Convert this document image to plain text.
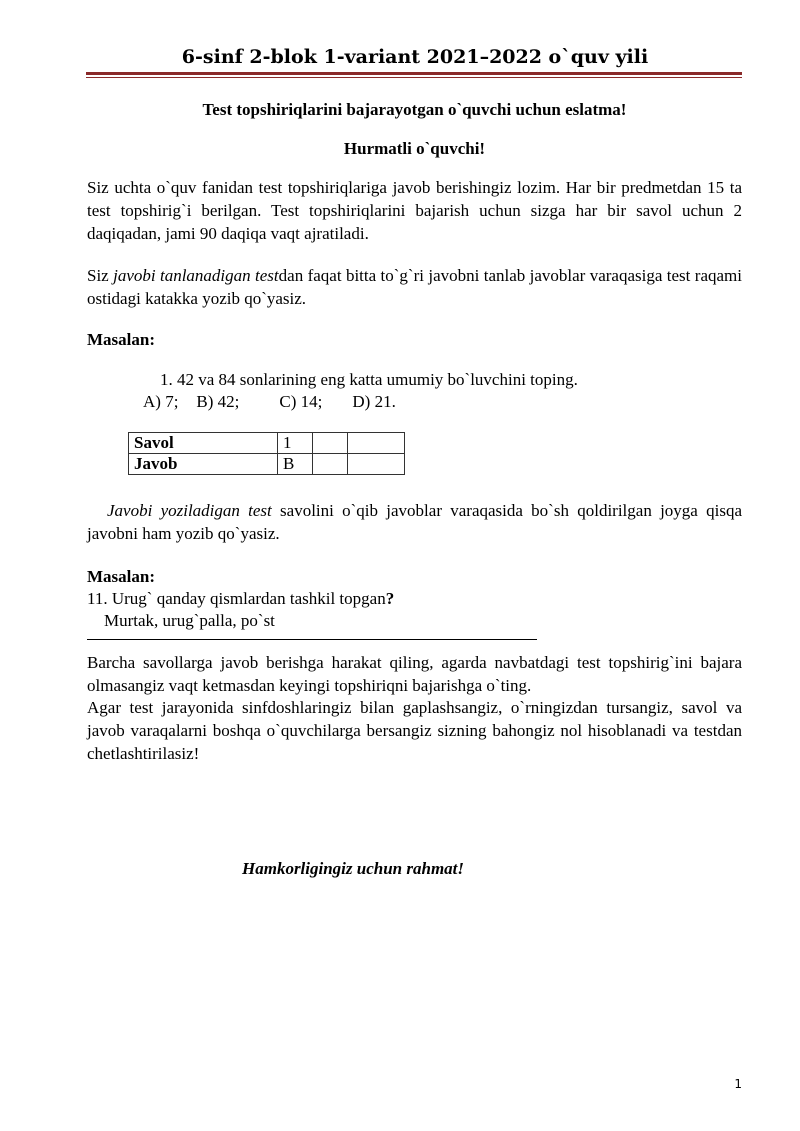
6-sinf 2-blok 1-variant 2021–2022 o`quv yili
Test topshiriqlarini bajarayotgan o`quvchi uchun eslatma!
Hurmatli o`quvchi!
Siz uchta o`quv fanidan test topshiriqlariga javob berishingiz lozim. Har bir predmetdan 15 ta test topshirig`i berilgan. Test topshiriqlarini bajarish uchun sizga har bir savol uchun 2 daqiqadan, jami 90 daqiqa vaqt ajratiladi.
Siz javobi tanlanadigan testdan faqat bitta to`g`ri javobni tanlab javoblar varaqasiga test raqami ostidagi katakka yozib qo`yasiz.
Masalan:
1. 42 va 84 sonlarining eng katta umumiy bo`luvchini toping.
A) 7; B) 42; C) 14; D) 21.
Savol	1		
Javob	B		
Javobi yoziladigan test savolini o`qib javoblar varaqasida bo`sh qoldirilgan joyga qisqa javobni ham yozib qo`yasiz.
Masalan:
11. Urug` qanday qismlardan tashkil topgan?
Murtak, urug`palla, po`st
Barcha savollarga javob berishga harakat qiling, agarda navbatdagi test topshirig`ini bajara olmasangiz vaqt ketmasdan keyingi topshiriqni bajarishga o`ting.
Agar test jarayonida sinfdoshlaringiz bilan gaplashsangiz, o`rningizdan tursangiz, savol va javob varaqalarni boshqa o`quvchilarga bersangiz sizning bahongiz nol hisoblanadi va testdan chetlashtirilasiz!
Hamkorligingiz uchun rahmat!
1
